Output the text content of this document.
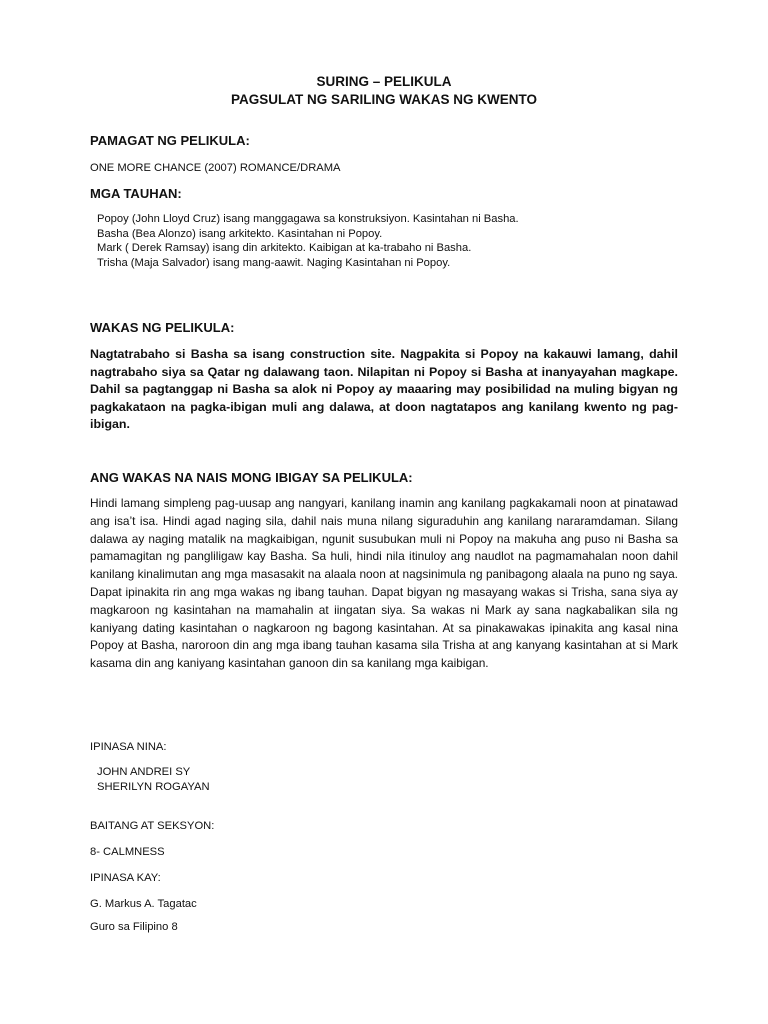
SURING – PELIKULA

PAGSULAT NG SARILING WAKAS NG KWENTO

PAMAGAT NG PELIKULA:

ONE MORE CHANCE (2007) ROMANCE/DRAMA

MGA TAUHAN:

Popoy (John Lloyd Cruz) isang manggagawa sa konstruksiyon. Kasintahan ni Basha.
Basha (Bea Alonzo) isang arkitekto. Kasintahan ni Popoy.
Mark ( Derek Ramsay) isang din arkitekto. Kaibigan at ka-trabaho ni Basha.
Trisha (Maja Salvador) isang mang-aawit. Naging Kasintahan ni Popoy.

WAKAS NG PELIKULA:

Nagtatrabaho si Basha sa isang construction site. Nagpakita si Popoy na kakauwi lamang, dahil nagtrabaho siya sa Qatar ng dalawang taon. Nilapitan ni Popoy si Basha at inanyayahan magkape. Dahil sa pagtanggap ni Basha sa alok ni Popoy ay maaaring may posibilidad na muling bigyan ng pagkakataon na pagka-ibigan muli ang dalawa, at doon nagtatapos ang kanilang kwento ng pag-ibigan.

ANG WAKAS NA NAIS MONG IBIGAY SA PELIKULA:

Hindi lamang simpleng pag-uusap ang nangyari, kanilang inamin ang kanilang pagkakamali noon at pinatawad ang isa’t isa. Hindi agad naging sila, dahil nais muna nilang siguraduhin ang kanilang nararamdaman. Silang dalawa ay naging matalik na magkaibigan, ngunit susubukan muli ni Popoy na makuha ang puso ni Basha sa pamamagitan ng pangliligaw kay Basha. Sa huli, hindi nila itinuloy ang naudlot na pagmamahalan noon dahil kanilang kinalimutan ang mga masasakit na alaala noon at nagsinimula ng panibagong alaala na puno ng saya. Dapat ipinakita rin ang mga wakas ng ibang tauhan. Dapat bigyan ng masayang wakas si Trisha, sana siya ay magkaroon ng kasintahan na mamahalin at iingatan siya. Sa wakas ni Mark ay sana nagkabalikan sila ng kaniyang dating kasintahan o nagkaroon ng bagong kasintahan. At sa pinakawakas ipinakita ang kasal nina Popoy at Basha, naroroon din ang mga ibang tauhan kasama sila Trisha at ang kanyang kasintahan at si Mark kasama din ang kaniyang kasintahan ganoon din sa kanilang mga kaibigan.

IPINASA NINA:

JOHN ANDREI SY
SHERILYN ROGAYAN

BAITANG AT SEKSYON:

8- CALMNESS

IPINASA KAY:

G. Markus A. Tagatac

Guro sa Filipino 8
